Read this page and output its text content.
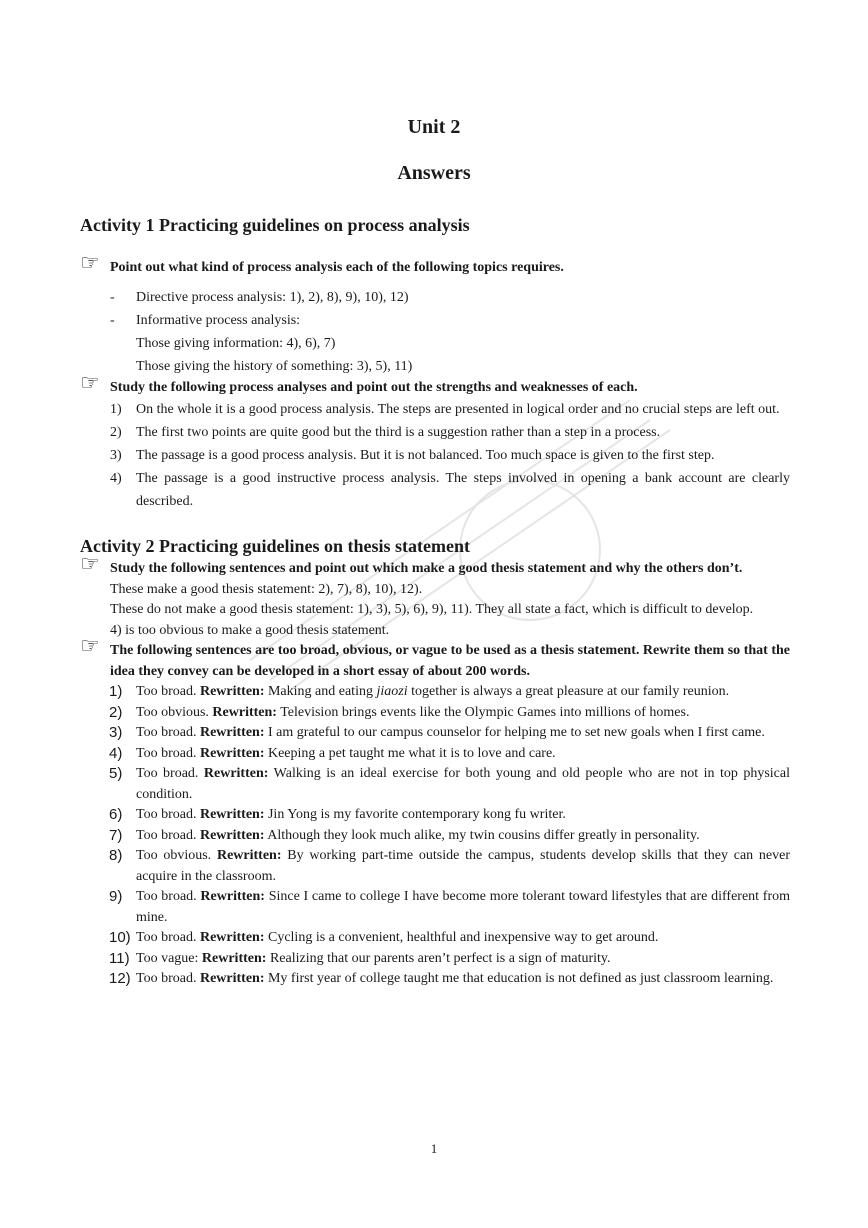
Unit 2
Answers
Activity 1 Practicing guidelines on process analysis

☞ Point out what kind of process analysis each of the following topics requires.

- Directive process analysis: 1), 2), 8), 9), 10), 12)
- Informative process analysis:
Those giving information: 4), 6), 7)
Those giving the history of something: 3), 5), 11)

☞ Study the following process analyses and point out the strengths and weaknesses of each.

1) On the whole it is a good process analysis. The steps are presented in logical order and no crucial steps are left out.
2) The first two points are quite good but the third is a suggestion rather than a step in a process.
3) The passage is a good process analysis. But it is not balanced. Too much space is given to the first step.
4) The passage is a good instructive process analysis. The steps involved in opening a bank account are clearly described.
Activity 2 Practicing guidelines on thesis statement

☞ Study the following sentences and point out which make a good thesis statement and why the others don’t.

These make a good thesis statement: 2), 7), 8), 10), 12).

These do not make a good thesis statement: 1), 3), 5), 6), 9), 11). They all state a fact, which is difficult to develop.

4) is too obvious to make a good thesis statement.

☞ The following sentences are too broad, obvious, or vague to be used as a thesis statement. Rewrite them so that the idea they convey can be developed in a short essay of about 200 words.

1) Too broad. Rewritten: Making and eating jiaozi together is always a great pleasure at our family reunion.
2) Too obvious. Rewritten: Television brings events like the Olympic Games into millions of homes.
3) Too broad. Rewritten: I am grateful to our campus counselor for helping me to set new goals when I first came.
4) Too broad. Rewritten: Keeping a pet taught me what it is to love and care.
5) Too broad. Rewritten: Walking is an ideal exercise for both young and old people who are not in top physical condition.
6) Too broad. Rewritten: Jin Yong is my favorite contemporary kong fu writer.
7) Too broad. Rewritten: Although they look much alike, my twin cousins differ greatly in personality.
8) Too obvious. Rewritten: By working part-time outside the campus, students develop skills that they can never acquire in the classroom.
9) Too broad. Rewritten: Since I came to college I have become more tolerant toward lifestyles that are different from mine.
10) Too broad. Rewritten: Cycling is a convenient, healthful and inexpensive way to get around.
11) Too vague: Rewritten: Realizing that our parents aren’t perfect is a sign of maturity.
12) Too broad. Rewritten: My first year of college taught me that education is not defined as just classroom learning.
1
